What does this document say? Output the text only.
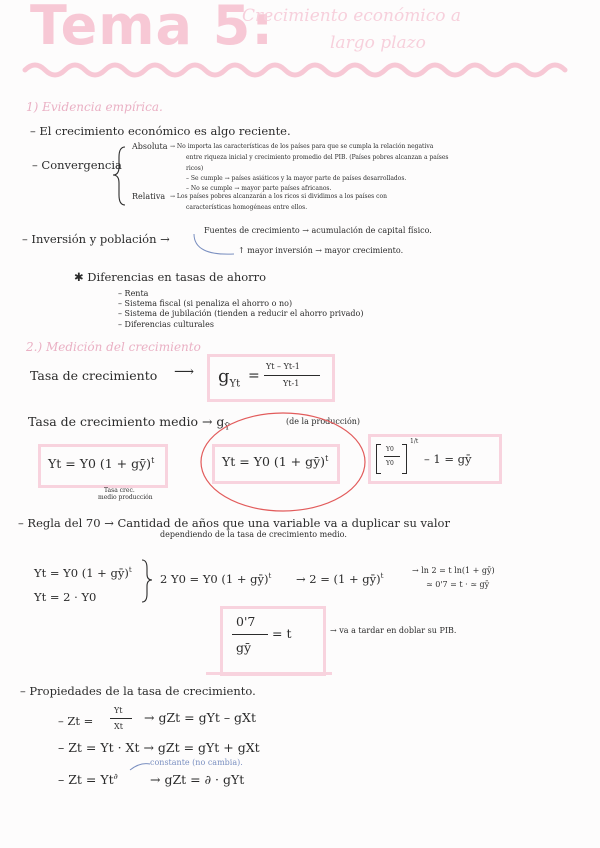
Tema 5:
Crecimiento económico a
largo plazo
1) Evidencia empírica.
– El crecimiento económico es algo reciente.
– Convergencia
Absoluta → No importa las características de los países para que se cumpla la relación negativa
entre riqueza inicial y crecimiento promedio del PIB. (Países pobres alcanzan a países
ricos)
– Se cumple → países asiáticos y la mayor parte de países desarrollados.
– No se cumple → mayor parte países africanos.
Relativa → Los países pobres alcanzarán a los ricos si dividimos a los países con
características homogéneas entre ellos.
– Inversión y población →
Fuentes de crecimiento → acumulación de capital físico.
↑ mayor inversión → mayor crecimiento.
✱ Diferencias en tasas de ahorro
– Renta
– Sistema fiscal (si penaliza el ahorro o no)
– Sistema de jubilación (tienden a reducir el ahorro privado)
– Diferencias culturales
2.) Medición del crecimiento
Tasa de crecimiento ⟶ $g_{Yt}$
=
Yt – Yt-1
Yt-1
Tasa de crecimiento medio → $g_Ȳ$
(de la producción)
Yt = Y0 (1 + gȳ)$^t$
Tasa crec.
medio producción
Yt = Y0 (1 + gȳ)$^t$
Y0
Y0
1/t
– 1 = gȳ
– Regla del 70 → Cantidad de años que una variable va a duplicar su valor
dependiendo de la tasa de crecimiento medio.
Yt = Y0 (1 + gȳ)$^t$
Yt = 2 · Y0
2 Y0 = Y0 (1 + gȳ)$^t$ → 2 = (1 + gȳ)$^t$
→ ln 2 = t ln(1 + gȳ)
≃ 0'7 = t · ≃ gȳ
0'7
gȳ
= t	→ va a tardar en doblar su PIB.
– Propiedades de la tasa de crecimiento.
– Zt =
Yt
Xt
→ gZt = gYt – gXt
– Zt = Yt · Xt → gZt = gYt + gXt
– Zt = Yt∂
constante (no cambia).
→ gZt = ∂ · gYt
